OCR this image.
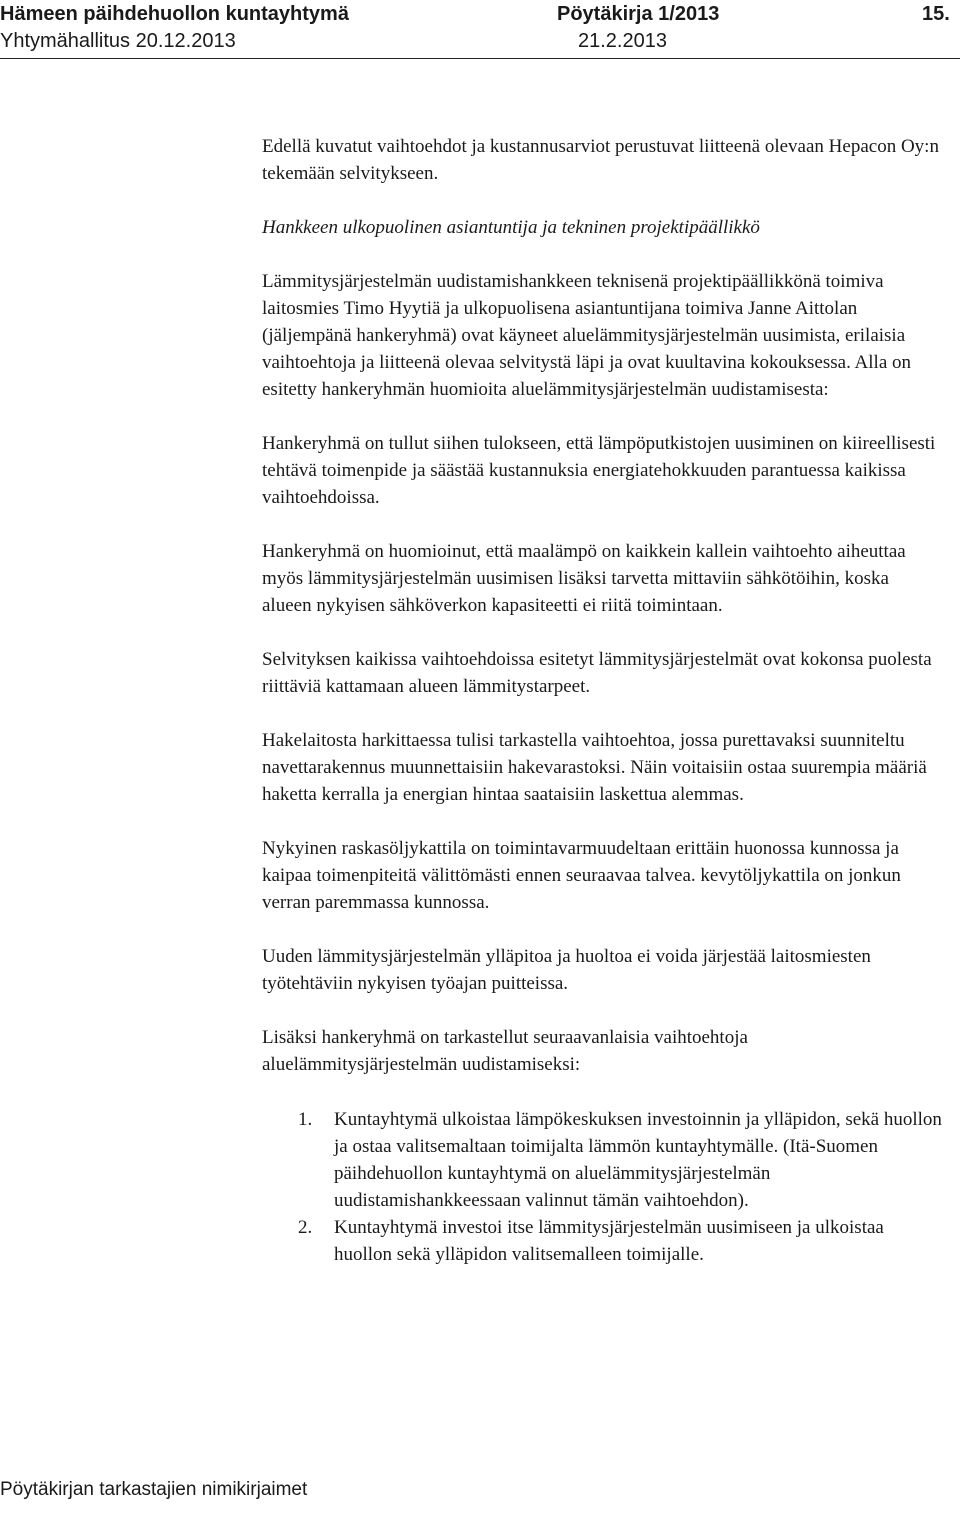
Hämeen päihdehuollon kuntayhtymä	Pöytäkirja 1/2013	15.
Yhtymähallitus 20.12.2013	21.2.2013

Edellä kuvatut vaihtoehdot ja kustannusarviot perustuvat liitteenä olevaan Hepacon Oy:n tekemään selvitykseen.

Hankkeen ulkopuolinen asiantuntija ja tekninen projektipäällikkö

Lämmitysjärjestelmän uudistamishankkeen teknisenä projektipäällikkönä toimiva laitosmies Timo Hyytiä ja ulkopuolisena asiantuntijana toimiva Janne Aittolan (jäljempänä hankeryhmä) ovat käyneet aluelämmitysjärjestelmän uusimista, erilaisia vaihtoehtoja ja liitteenä olevaa selvitystä läpi ja ovat kuultavina kokouksessa. Alla on esitetty hankeryhmän huomioita aluelämmitysjärjestelmän uudistamisesta:

Hankeryhmä on tullut siihen tulokseen, että lämpöputkistojen uusiminen on kiireellisesti tehtävä toimenpide ja säästää kustannuksia energiatehokkuuden parantuessa kaikissa vaihtoehdoissa.

Hankeryhmä on huomioinut, että maalämpö on kaikkein kallein vaihtoehto aiheuttaa myös lämmitysjärjestelmän uusimisen lisäksi tarvetta mittaviin sähkötöihin, koska alueen nykyisen sähköverkon kapasiteetti ei riitä toimintaan.

Selvityksen kaikissa vaihtoehdoissa esitetyt lämmitysjärjestelmät ovat kokonsa puolesta riittäviä kattamaan alueen lämmitystarpeet.

Hakelaitosta harkittaessa tulisi tarkastella vaihtoehtoa, jossa purettavaksi suunniteltu navettarakennus muunnettaisiin hakevarastoksi. Näin voitaisiin ostaa suurempia määriä haketta kerralla ja energian hintaa saataisiin laskettua alemmas.

Nykyinen raskasöljykattila on toimintavarmuudeltaan erittäin huonossa kunnossa ja kaipaa toimenpiteitä välittömästi ennen seuraavaa talvea. kevytöljykattila on jonkun verran paremmassa kunnossa.

Uuden lämmitysjärjestelmän ylläpitoa ja huoltoa ei voida järjestää laitosmiesten työtehtäviin nykyisen työajan puitteissa.

Lisäksi hankeryhmä on tarkastellut seuraavanlaisia vaihtoehtoja aluelämmitysjärjestelmän uudistamiseksi:

1. Kuntayhtymä ulkoistaa lämpökeskuksen investoinnin ja ylläpidon, sekä huollon ja ostaa valitsemaltaan toimijalta lämmön kuntayhtymälle. (Itä-Suomen päihdehuollon kuntayhtymä on aluelämmitysjärjestelmän uudistamishankkeessaan valinnut tämän vaihtoehdon).
2. Kuntayhtymä investoi itse lämmitysjärjestelmän uusimiseen ja ulkoistaa huollon sekä ylläpidon valitsemalleen toimijalle.
Pöytäkirjan tarkastajien nimikirjaimet
